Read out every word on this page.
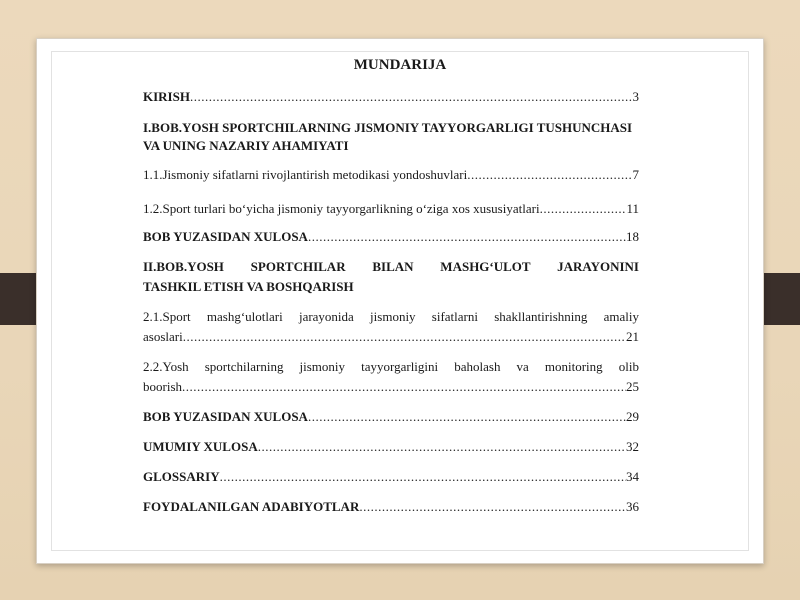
MUNDARIJA
KIRISH .....	3
I.BOB.YOSH SPORTCHILARNING JISMONIY TAYYORGARLIGI TUSHUNCHASI VA UNING NAZARIY AHAMIYATI
1.1.Jismoniy sifatlarni rivojlantirish metodikasi yondoshuvlari .....	7
1.2.Sport turlari bo‘yicha jismoniy tayyorgarlikning o‘ziga xos xususiyatlari .....	11
BOB YUZASIDAN XULOSA .....	18
II.BOB.YOSH SPORTCHILAR BILAN MASHG‘ULOT JARAYONINI
TASHKIL ETISH VA BOSHQARISH
2.1.Sport mashg‘ulotlari jarayonida jismoniy sifatlarni shakllantirishning amaliy
asoslari .....	21
2.2.Yosh sportchilarning jismoniy tayyorgarligini baholash va monitoring olib
boorish .....	25
BOB YUZASIDAN XULOSA .....	29
UMUMIY XULOSA .....	32
GLOSSARIY .....	34
FOYDALANILGAN ADABIYOTLAR .....	36
